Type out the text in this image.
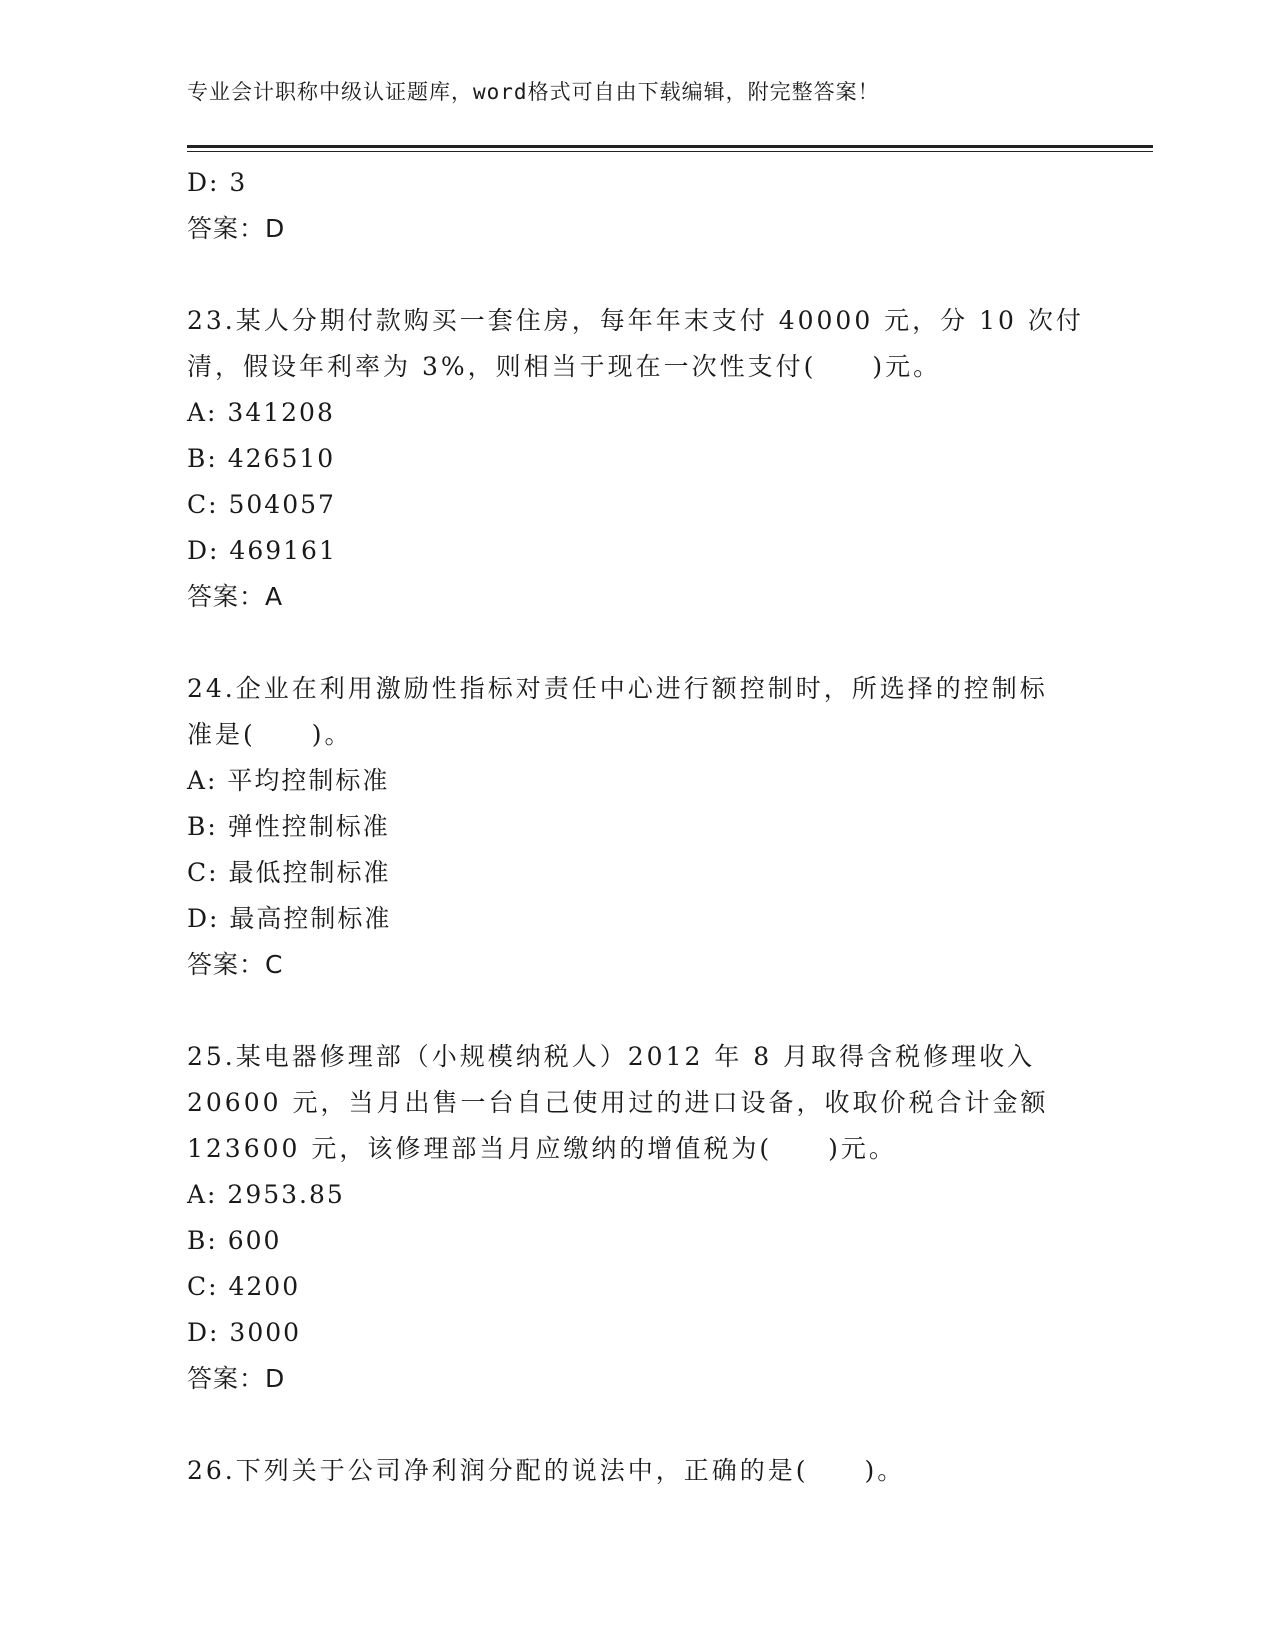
专业会计职称中级认证题库，word格式可自由下载编辑，附完整答案！
D: 3
答案：D
23.某人分期付款购买一套住房，每年年末支付 40000 元，分 10 次付
清，假设年利率为 3%，则相当于现在一次性支付(　　)元。
A: 341208
B: 426510
C: 504057
D: 469161
答案：A
24.企业在利用激励性指标对责任中心进行额控制时，所选择的控制标
准是(　　)。
A: 平均控制标准
B: 弹性控制标准
C: 最低控制标准
D: 最高控制标准
答案：C
25.某电器修理部（小规模纳税人）2012 年 8 月取得含税修理收入
20600 元，当月出售一台自己使用过的进口设备，收取价税合计金额
123600 元，该修理部当月应缴纳的增值税为(　　)元。
A: 2953.85
B: 600
C: 4200
D: 3000
答案：D
26.下列关于公司净利润分配的说法中，正确的是(　　)。
